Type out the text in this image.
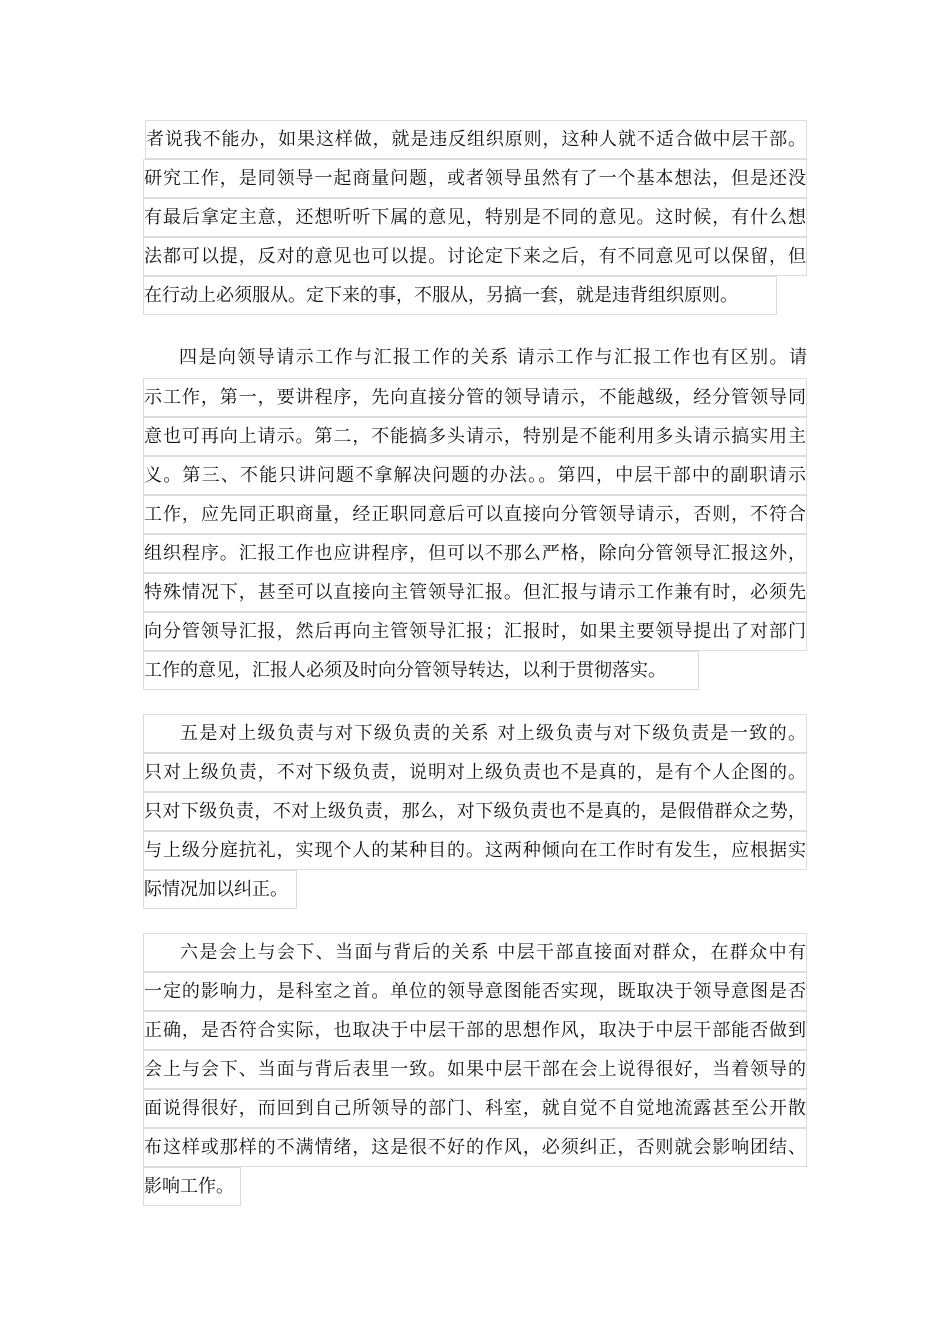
者说我不能办，如果这样做，就是违反组织原则，这种人就不适合做中层干部。
研究工作，是同领导一起商量问题，或者领导虽然有了一个基本想法，但是还没
有最后拿定主意，还想听听下属的意见，特别是不同的意见。这时候，有什么想
法都可以提，反对的意见也可以提。讨论定下来之后，有不同意见可以保留，但
在行动上必须服从。定下来的事，不服从，另搞一套，就是违背组织原则。
四是向领导请示工作与汇报工作的关系 请示工作与汇报工作也有区别。请
示工作，第一，要讲程序，先向直接分管的领导请示，不能越级，经分管领导同
意也可再向上请示。第二，不能搞多头请示，特别是不能利用多头请示搞实用主
义。第三、不能只讲问题不拿解决问题的办法。。第四，中层干部中的副职请示
工作，应先同正职商量，经正职同意后可以直接向分管领导请示，否则，不符合
组织程序。汇报工作也应讲程序，但可以不那么严格，除向分管领导汇报这外，
特殊情况下，甚至可以直接向主管领导汇报。但汇报与请示工作兼有时，必须先
向分管领导汇报，然后再向主管领导汇报；汇报时，如果主要领导提出了对部门
工作的意见，汇报人必须及时向分管领导转达，以利于贯彻落实。
五是对上级负责与对下级负责的关系 对上级负责与对下级负责是一致的。
只对上级负责，不对下级负责，说明对上级负责也不是真的，是有个人企图的。
只对下级负责，不对上级负责，那么，对下级负责也不是真的，是假借群众之势，
与上级分庭抗礼，实现个人的某种目的。这两种倾向在工作时有发生，应根据实
际情况加以纠正。
六是会上与会下、当面与背后的关系 中层干部直接面对群众，在群众中有
一定的影响力，是科室之首。单位的领导意图能否实现，既取决于领导意图是否
正确，是否符合实际，也取决于中层干部的思想作风，取决于中层干部能否做到
会上与会下、当面与背后表里一致。如果中层干部在会上说得很好，当着领导的
面说得很好，而回到自己所领导的部门、科室，就自觉不自觉地流露甚至公开散
布这样或那样的不满情绪，这是很不好的作风，必须纠正，否则就会影响团结、
影响工作。
